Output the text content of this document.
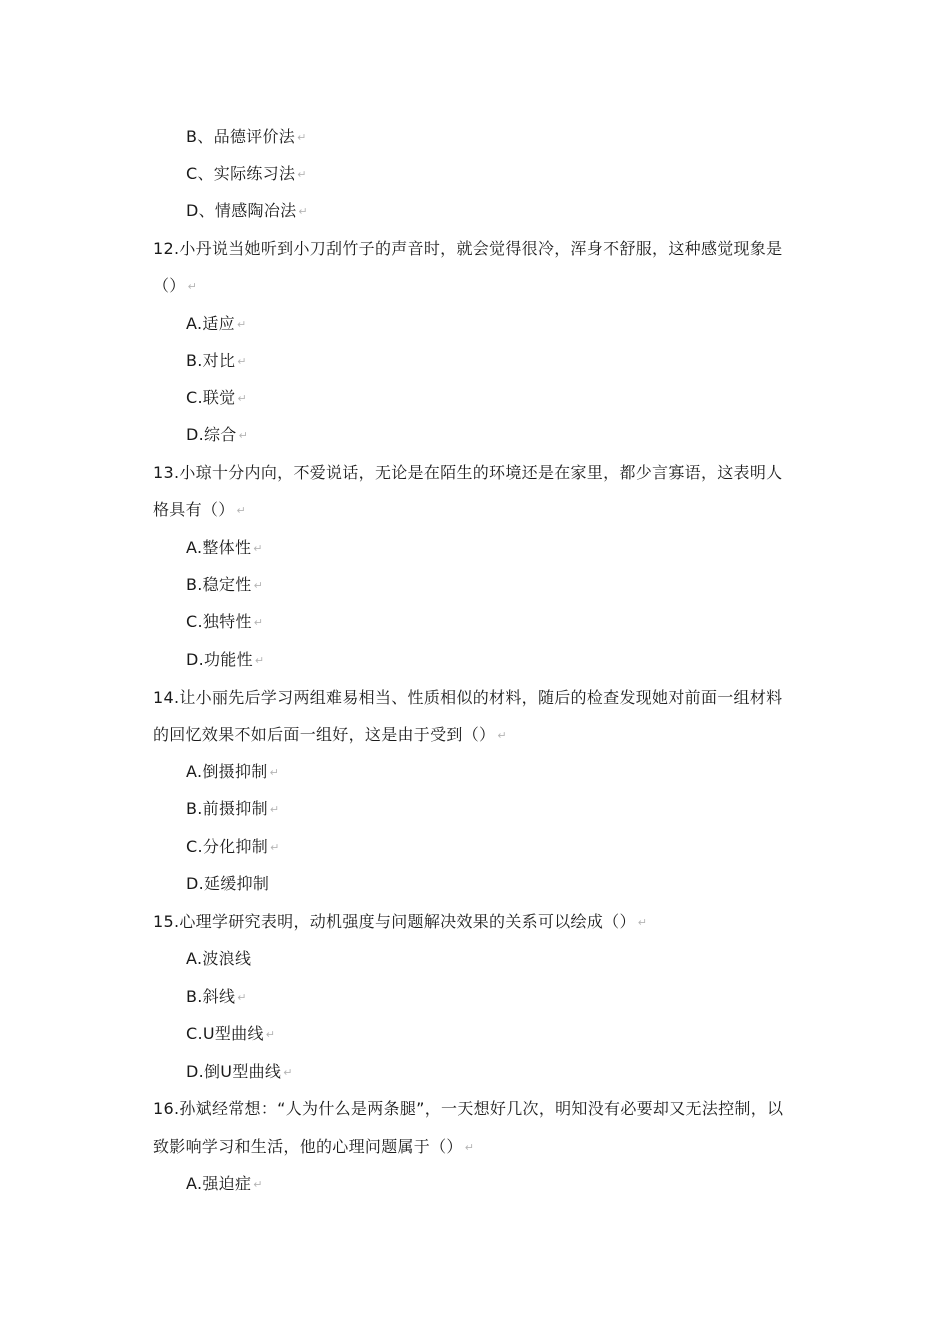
B、品德评价法 ↵
C、实际练习法 ↵
D、情感陶冶法 ↵
12.小丹说当她听到小刀刮竹子的声音时，就会觉得很冷，浑身不舒服，这种感觉现象是
（） ↵
A.适应 ↵
B.对比 ↵
C.联觉 ↵
D.综合 ↵
13.小琼十分内向，不爱说话，无论是在陌生的环境还是在家里，都少言寡语，这表明人
格具有（） ↵
A.整体性 ↵
B.稳定性 ↵
C.独特性 ↵
D.功能性 ↵
14.让小丽先后学习两组难易相当、性质相似的材料，随后的检查发现她对前面一组材料
的回忆效果不如后面一组好，这是由于受到（） ↵
A.倒摄抑制 ↵
B.前摄抑制 ↵
C.分化抑制 ↵
D.延缓抑制
15.心理学研究表明，动机强度与问题解决效果的关系可以绘成（） ↵
A.波浪线
B.斜线 ↵
C.U型曲线 ↵
D.倒U型曲线 ↵
16.孙斌经常想：“人为什么是两条腿”，一天想好几次，明知没有必要却又无法控制，以
致影响学习和生活，他的心理问题属于（） ↵
A.强迫症 ↵
